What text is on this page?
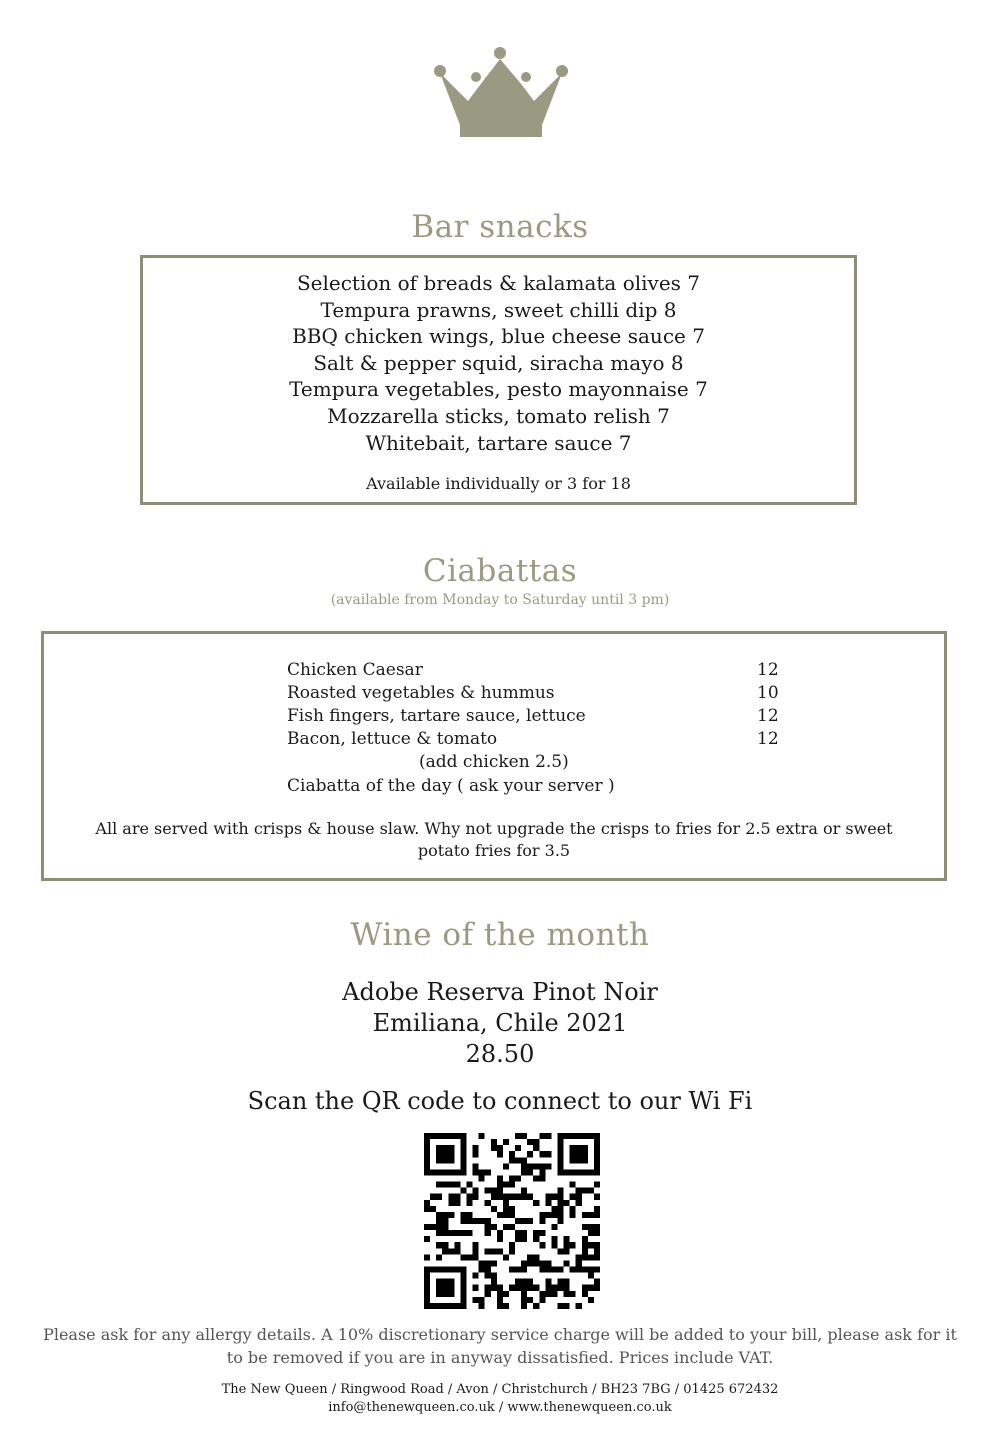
Bar snacks
Selection of breads & kalamata olives 7
Tempura prawns, sweet chilli dip 8
BBQ chicken wings, blue cheese sauce 7
Salt & pepper squid, siracha mayo 8
Tempura vegetables, pesto mayonnaise 7
Mozzarella sticks, tomato relish 7
Whitebait, tartare sauce 7
Available individually or 3 for 18
Ciabattas
(available from Monday to Saturday until 3 pm)
Chicken Caesar	12
Roasted vegetables & hummus	10
Fish fingers, tartare sauce, lettuce	12
Bacon, lettuce & tomato	12
(add chicken 2.5)
Ciabatta of the day ( ask your server )
All are served with crisps & house slaw. Why not upgrade the crisps to fries for 2.5 extra or sweet potato fries for 3.5
Wine of the month
Adobe Reserva Pinot Noir
Emiliana, Chile 2021
28.50
Scan the QR code to connect to our Wi Fi
Please ask for any allergy details. A 10% discretionary service charge will be added to your bill, please ask for it to be removed if you are in anyway dissatisfied. Prices include VAT.
The New Queen / Ringwood Road / Avon / Christchurch / BH23 7BG / 01425 672432
info@thenewqueen.co.uk / www.thenewqueen.co.uk
